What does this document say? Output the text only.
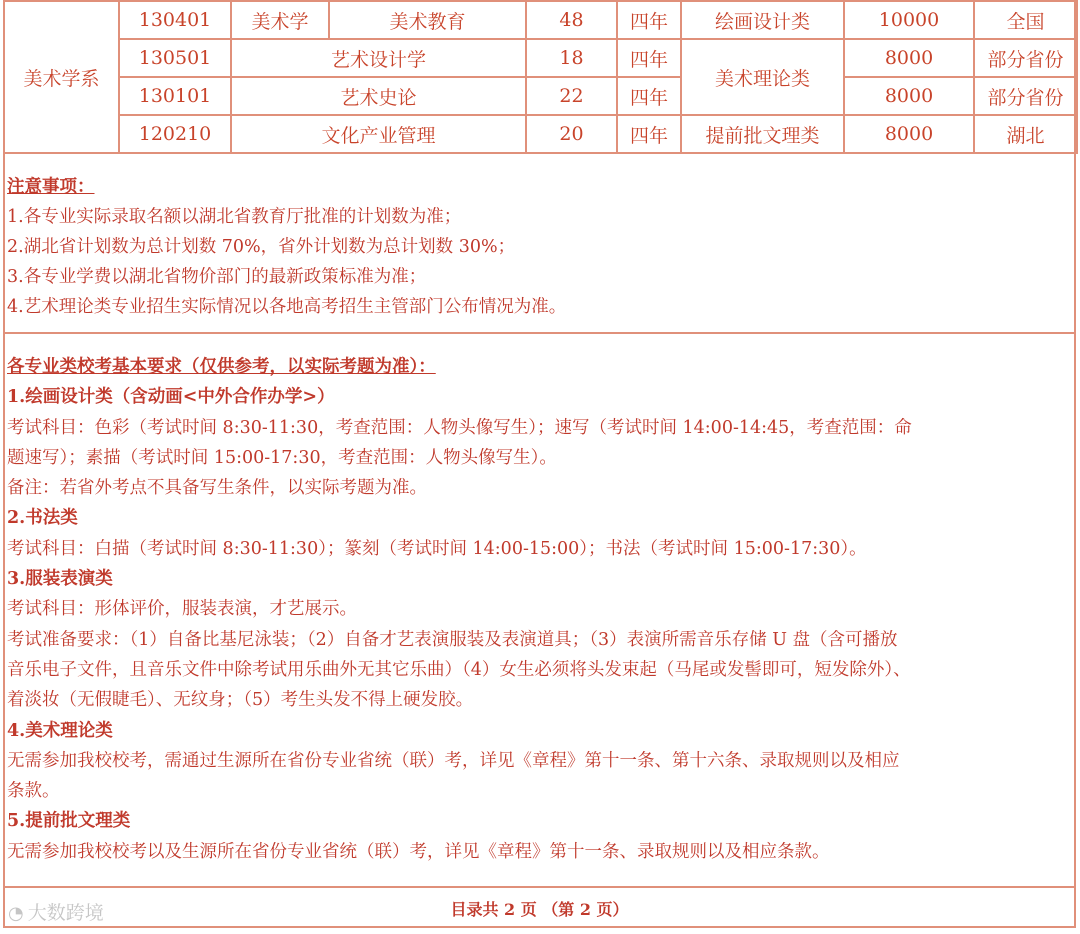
美术学系	130401	美术学	美术教育	48	四年	绘画设计类	10000	全国
	130501	艺术设计学		18	四年	美术理论类	8000	部分省份
	130101	艺术史论		22	四年		8000	部分省份
	120210	文化产业管理		20	四年	提前批文理类	8000	湖北
注意事项：
1.各专业实际录取名额以湖北省教育厅批准的计划数为准；
2.湖北省计划数为总计划数 70%，省外计划数为总计划数 30%；
3.各专业学费以湖北省物价部门的最新政策标准为准；
4.艺术理论类专业招生实际情况以各地高考招生主管部门公布情况为准。
各专业类校考基本要求（仅供参考，以实际考题为准）：
1.绘画设计类（含动画<中外合作办学>）
考试科目：色彩（考试时间 8:30-11:30，考查范围：人物头像写生）；速写（考试时间 14:00-14:45，考查范围：命
题速写）；素描（考试时间 15:00-17:30，考查范围：人物头像写生）。
备注：若省外考点不具备写生条件，以实际考题为准。
2.书法类
考试科目：白描（考试时间 8:30-11:30）；篆刻（考试时间 14:00-15:00）；书法（考试时间 15:00-17:30）。
3.服装表演类
考试科目：形体评价，服装表演，才艺展示。
考试准备要求：（1）自备比基尼泳装；（2）自备才艺表演服装及表演道具；（3）表演所需音乐存储 U 盘（含可播放
音乐电子文件，且音乐文件中除考试用乐曲外无其它乐曲）（4）女生必须将头发束起（马尾或发髻即可，短发除外）、
着淡妆（无假睫毛）、无纹身；（5）考生头发不得上硬发胶。
4.美术理论类
无需参加我校校考，需通过生源所在省份专业省统（联）考，详见《章程》第十一条、第十六条、录取规则以及相应
条款。
5.提前批文理类
无需参加我校校考以及生源所在省份专业省统（联）考，详见《章程》第十一条、录取规则以及相应条款。
目录共 2 页 （第 2 页）
◔ 大数跨境
